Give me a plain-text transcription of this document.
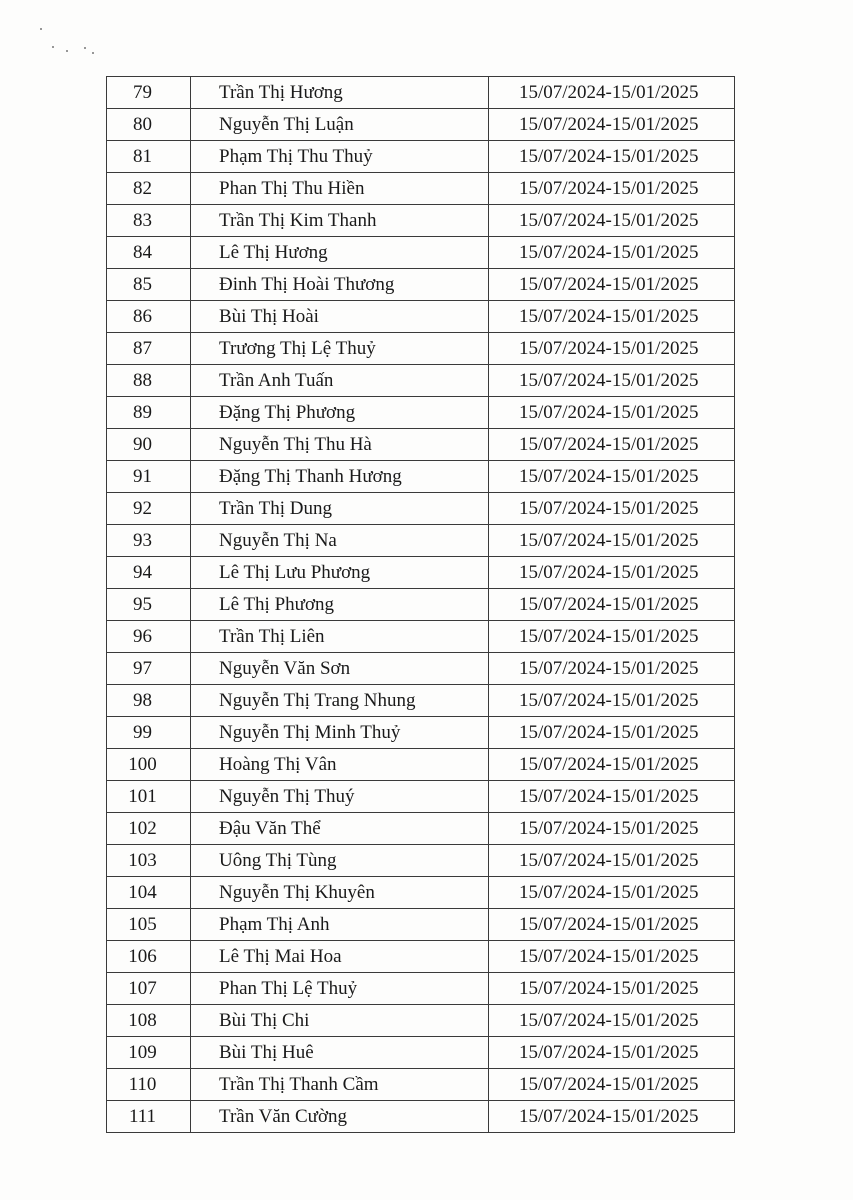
79	Trần Thị Hương	15/07/2024-15/01/2025
80	Nguyễn Thị Luận	15/07/2024-15/01/2025
81	Phạm Thị Thu Thuỷ	15/07/2024-15/01/2025
82	Phan Thị Thu Hiền	15/07/2024-15/01/2025
83	Trần Thị Kim Thanh	15/07/2024-15/01/2025
84	Lê Thị Hương	15/07/2024-15/01/2025
85	Đinh Thị Hoài Thương	15/07/2024-15/01/2025
86	Bùi Thị Hoài	15/07/2024-15/01/2025
87	Trương Thị Lệ Thuỷ	15/07/2024-15/01/2025
88	Trần Anh Tuấn	15/07/2024-15/01/2025
89	Đặng Thị Phương	15/07/2024-15/01/2025
90	Nguyễn Thị Thu Hà	15/07/2024-15/01/2025
91	Đặng Thị Thanh Hương	15/07/2024-15/01/2025
92	Trần Thị Dung	15/07/2024-15/01/2025
93	Nguyễn Thị Na	15/07/2024-15/01/2025
94	Lê Thị Lưu Phương	15/07/2024-15/01/2025
95	Lê Thị Phương	15/07/2024-15/01/2025
96	Trần Thị Liên	15/07/2024-15/01/2025
97	Nguyễn Văn Sơn	15/07/2024-15/01/2025
98	Nguyễn Thị Trang Nhung	15/07/2024-15/01/2025
99	Nguyễn Thị Minh Thuỷ	15/07/2024-15/01/2025
100	Hoàng Thị Vân	15/07/2024-15/01/2025
101	Nguyễn Thị Thuý	15/07/2024-15/01/2025
102	Đậu Văn Thể	15/07/2024-15/01/2025
103	Uông Thị Tùng	15/07/2024-15/01/2025
104	Nguyễn Thị Khuyên	15/07/2024-15/01/2025
105	Phạm Thị Anh	15/07/2024-15/01/2025
106	Lê Thị Mai Hoa	15/07/2024-15/01/2025
107	Phan Thị Lệ Thuỷ	15/07/2024-15/01/2025
108	Bùi Thị Chi	15/07/2024-15/01/2025
109	Bùi Thị Huê	15/07/2024-15/01/2025
110	Trần Thị Thanh Cầm	15/07/2024-15/01/2025
111	Trần Văn Cường	15/07/2024-15/01/2025
